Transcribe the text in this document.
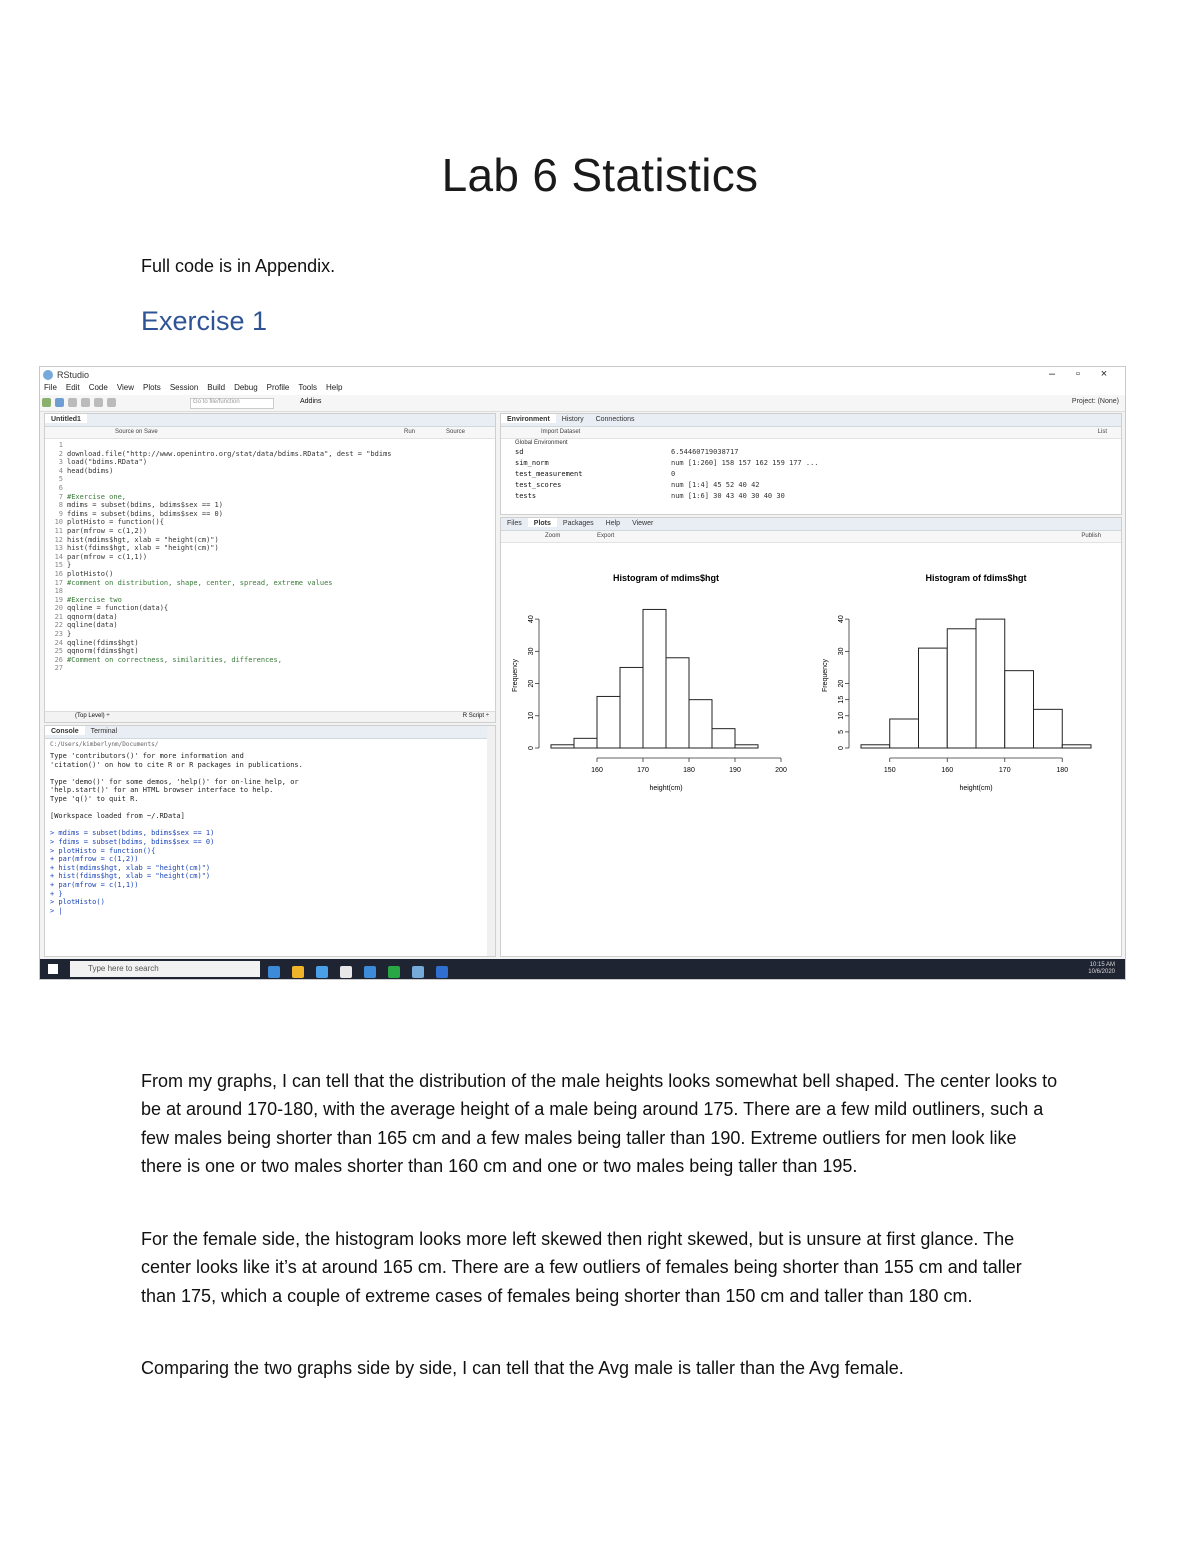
Lab 6 Statistics
Full code is in Appendix.
Exercise 1
RStudio	– ▫ ×
File Edit Code View Plots Session Build Debug Profile Tools Help
Go to file/function	Addins	Project: (None)
Untitled1
Source on Save	Run	Source
1
2
3
4
5
6
7
8
9
10
11
12
13
14
15
16
17
18
19
20
21
22
23
24
25
26
27

download.file("http://www.openintro.org/stat/data/bdims.RData", dest = "bdims
load("bdims.RData")
head(bdims)

#Exercise one,
mdims = subset(bdims, bdims$sex == 1)
fdims = subset(bdims, bdims$sex == 0)
plotHisto = function(){
par(mfrow = c(1,2))
hist(mdims$hgt, xlab = "height(cm)")
hist(fdims$hgt, xlab = "height(cm)")
par(mfrow = c(1,1))
}
plotHisto()
#comment on distribution, shape, center, spread, extreme values

#Exercise two
qqline = function(data){
qqnorm(data)
qqline(data)
}
qqline(fdims$hgt)
qqnorm(fdims$hgt)
#Comment on correctness, similarities, differences,

(Top Level) ÷	R Script ÷
Console Terminal
C:/Users/kimberlynm/Documents/
Type 'contributors()' for more information and
'citation()' on how to cite R or R packages in publications.

Type 'demo()' for some demos, 'help()' for on-line help, or
'help.start()' for an HTML browser interface to help.
Type 'q()' to quit R.

[Workspace loaded from ~/.RData]

> mdims = subset(bdims, bdims$sex == 1)
> fdims = subset(bdims, bdims$sex == 0)
> plotHisto = function(){
+ par(mfrow = c(1,2))
+ hist(mdims$hgt, xlab = "height(cm)")
+ hist(fdims$hgt, xlab = "height(cm)")
+ par(mfrow = c(1,1))
+ }
> plotHisto()
> |
Environment History Connections
Import Dataset	List
Global Environment
sd	6.54460719038717
sim_norm	num [1:260] 158 157 162 159 177 ...
test_measurement	0
test_scores	num [1:4] 45 52 40 42
tests	num [1:6] 30 43 40 30 40 30
Files Plots Packages Help Viewer
Zoom	Export	Publish
Histogram of mdims$hgt
160	170	180	190	200
0
10
20
30
40
height(cm)
Frequency
Histogram of fdims$hgt
150	160	170	180
0
5
10
15
20
30
40
height(cm)
Frequency
Type here to search	10:15 AM
10/6/2020
From my graphs, I can tell that the distribution of the male heights looks somewhat bell shaped. The center looks to be at around 170-180, with the average height of a male being around 175. There are a few mild outliners, such a few males being shorter than 165 cm and a few males being taller than 190. Extreme outliers for men look like there is one or two males shorter than 160 cm and one or two males being taller than 195.
For the female side, the histogram looks more left skewed then right skewed, but is unsure at first glance. The center looks like it’s at around 165 cm. There are a few outliers of females being shorter than 155 cm and taller than 175, which a couple of extreme cases of females being shorter than 150 cm and taller than 180 cm.
Comparing the two graphs side by side, I can tell that the Avg male is taller than the Avg female.
